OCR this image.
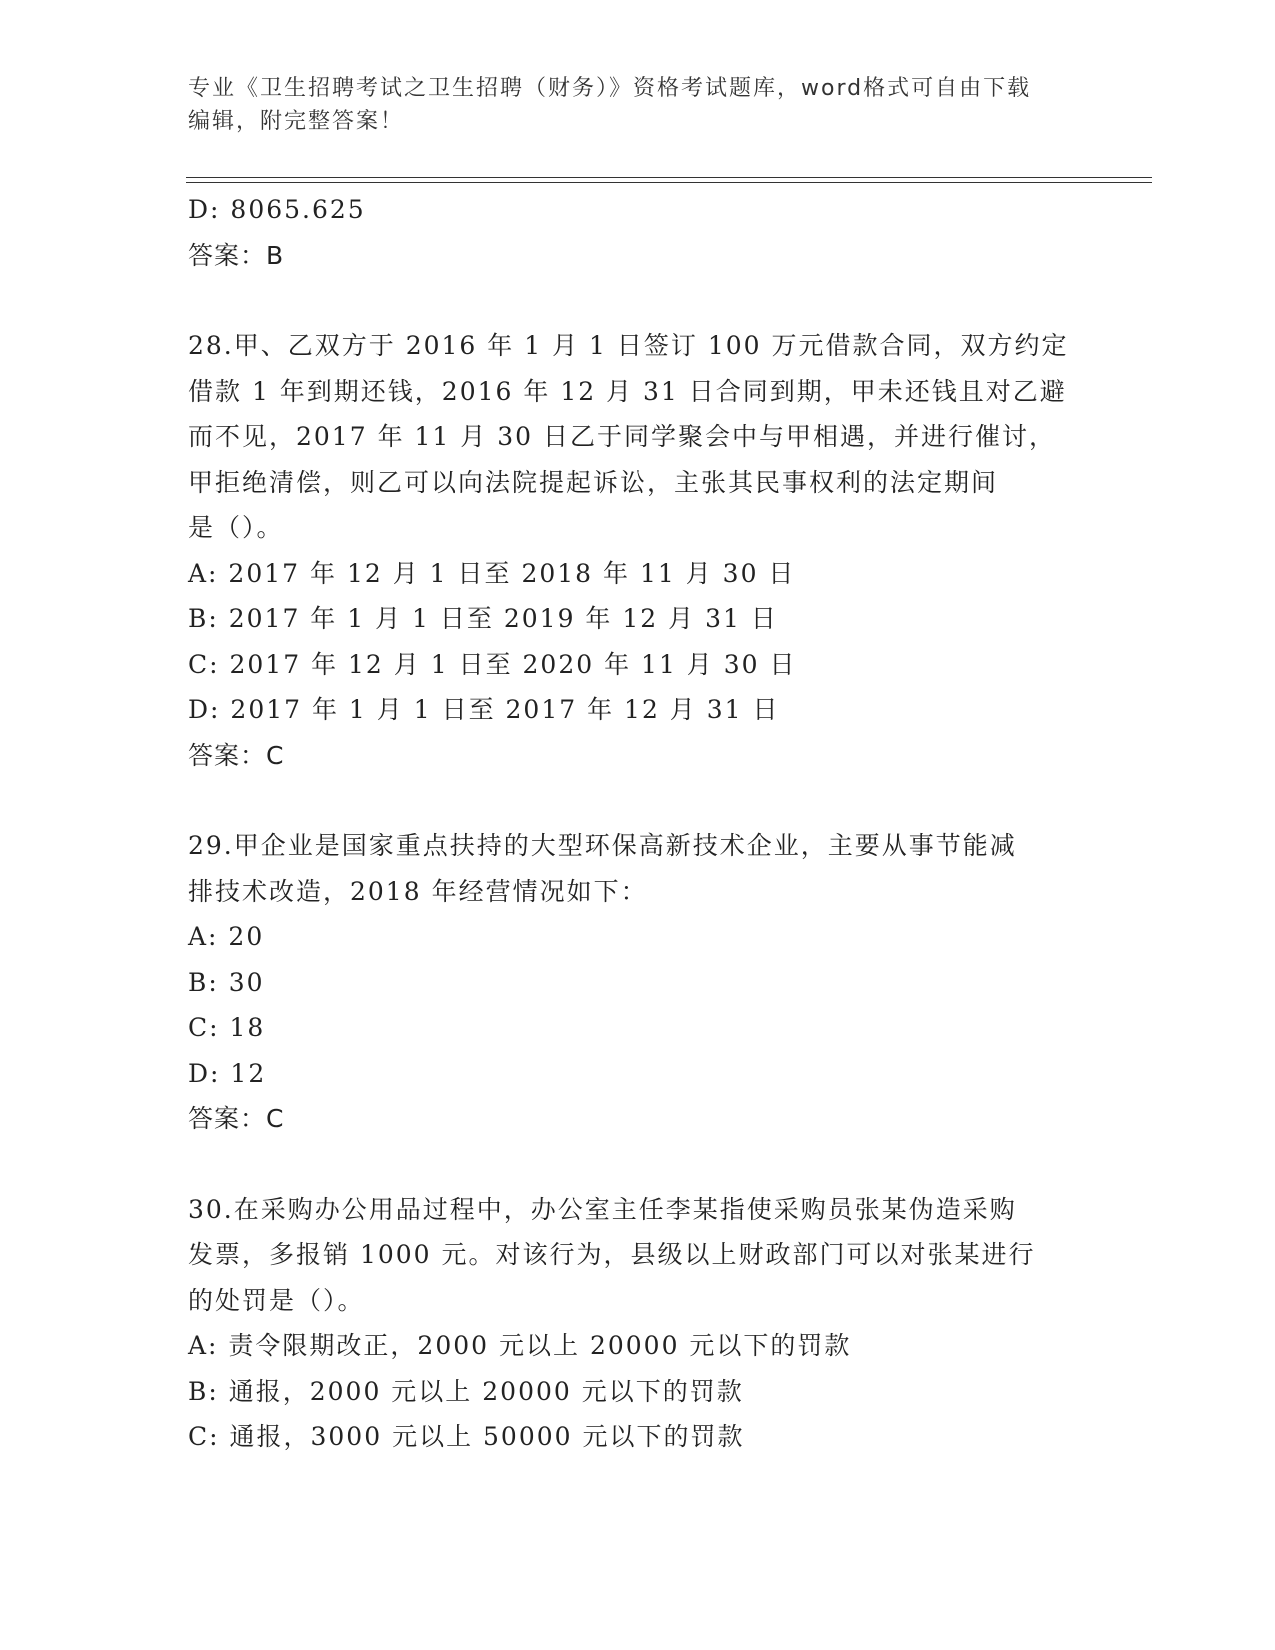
专业《卫生招聘考试之卫生招聘（财务）》资格考试题库，word格式可自由下载
编辑，附完整答案！
D: 8065.625
答案：B
28.甲、乙双方于 2016 年 1 月 1 日签订 100 万元借款合同，双方约定
借款 1 年到期还钱，2016 年 12 月 31 日合同到期，甲未还钱且对乙避
而不见，2017 年 11 月 30 日乙于同学聚会中与甲相遇，并进行催讨，
甲拒绝清偿，则乙可以向法院提起诉讼，主张其民事权利的法定期间
是（）。
A: 2017 年 12 月 1 日至 2018 年 11 月 30 日
B: 2017 年 1 月 1 日至 2019 年 12 月 31 日
C: 2017 年 12 月 1 日至 2020 年 11 月 30 日
D: 2017 年 1 月 1 日至 2017 年 12 月 31 日
答案：C
29.甲企业是国家重点扶持的大型环保高新技术企业，主要从事节能减
排技术改造，2018 年经营情况如下：
A: 20
B: 30
C: 18
D: 12
答案：C
30.在采购办公用品过程中，办公室主任李某指使采购员张某伪造采购
发票，多报销 1000 元。对该行为，县级以上财政部门可以对张某进行
的处罚是（）。
A: 责令限期改正，2000 元以上 20000 元以下的罚款
B: 通报，2000 元以上 20000 元以下的罚款
C: 通报，3000 元以上 50000 元以下的罚款
